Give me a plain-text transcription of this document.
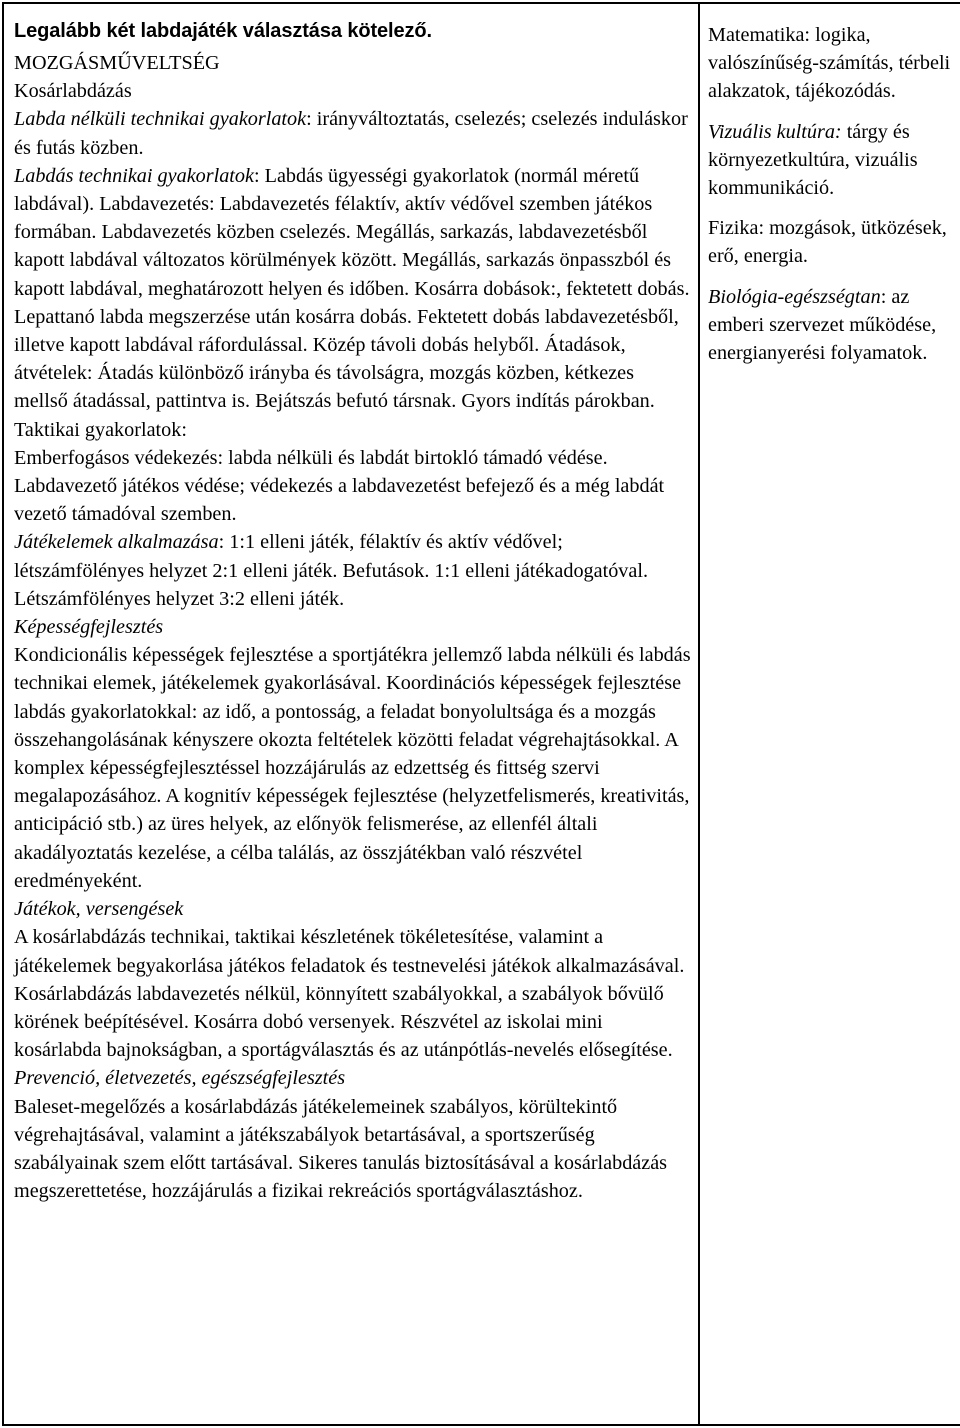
Legalább két labdajáték választása kötelező.

MOZGÁSMŰVELTSÉG

Kosárlabdázás

Labda nélküli technikai gyakorlatok: irányváltoztatás, cselezés; cselezés induláskor és futás közben.

Labdás technikai gyakorlatok: Labdás ügyességi gyakorlatok (normál méretű labdával). Labdavezetés: Labdavezetés félaktív, aktív védővel szemben játékos formában. Labdavezetés közben cselezés. Megállás, sarkazás, labdavezetésből kapott labdával változatos körülmények között. Megállás, sarkazás önpasszból és kapott labdával, meghatározott helyen és időben. Kosárra dobások:, fektetett dobás. Lepattanó labda megszerzése után kosárra dobás. Fektetett dobás labdavezetésből, illetve kapott labdával ráfordulással. Közép távoli dobás helyből. Átadások, átvételek: Átadás különböző irányba és távolságra, mozgás közben, kétkezes mellső átadással, pattintva is. Bejátszás befutó társnak. Gyors indítás párokban.

Taktikai gyakorlatok:

Emberfogásos védekezés: labda nélküli és labdát birtokló támadó védése. Labdavezető játékos védése; védekezés a labdavezetést befejező és a még labdát vezető támadóval szemben.

Játékelemek alkalmazása: 1:1 elleni játék, félaktív és aktív védővel; létszámfölényes helyzet 2:1 elleni játék. Befutások. 1:1 elleni játékadogatóval. Létszámfölényes helyzet 3:2 elleni játék.

Képességfejlesztés

Kondicionális képességek fejlesztése a sportjátékra jellemző labda nélküli és labdás technikai elemek, játékelemek gyakorlásával. Koordinációs képességek fejlesztése labdás gyakorlatokkal: az idő, a pontosság, a feladat bonyolultsága és a mozgás összehangolásának kényszere okozta feltételek közötti feladat végrehajtásokkal. A komplex képességfejlesztéssel hozzájárulás az edzettség és fittség szervi megalapozásához. A kognitív képességek fejlesztése (helyzetfelismerés, kreativitás, anticipáció stb.) az üres helyek, az előnyök felismerése, az ellenfél általi akadályoztatás kezelése, a célba találás, az összjátékban való részvétel eredményeként.

Játékok, versengések

A kosárlabdázás technikai, taktikai készletének tökéletesítése, valamint a játékelemek begyakorlása játékos feladatok és testnevelési játékok alkalmazásával. Kosárlabdázás labdavezetés nélkül, könnyített szabályokkal, a szabályok bővülő körének beépítésével. Kosárra dobó versenyek. Részvétel az iskolai mini kosárlabda bajnokságban, a sportágválasztás és az utánpótlás-nevelés elősegítése.

Prevenció, életvezetés, egészségfejlesztés

Baleset-megelőzés a kosárlabdázás játékelemeinek szabályos, körültekintő végrehajtásával, valamint a játékszabályok betartásával, a sportszerűség szabályainak szem előtt tartásával. Sikeres tanulás biztosításával a kosárlabdázás megszerettetése, hozzájárulás a fizikai rekreációs sportágválasztáshoz.

Matematika: logika, valószínűség-számítás, térbeli alakzatok, tájékozódás.

Vizuális kultúra: tárgy és környezetkultúra, vizuális kommunikáció.

Fizika: mozgások, ütközések, erő, energia.

Biológia-egészségtan: az emberi szervezet működése, energianyerési folyamatok.
